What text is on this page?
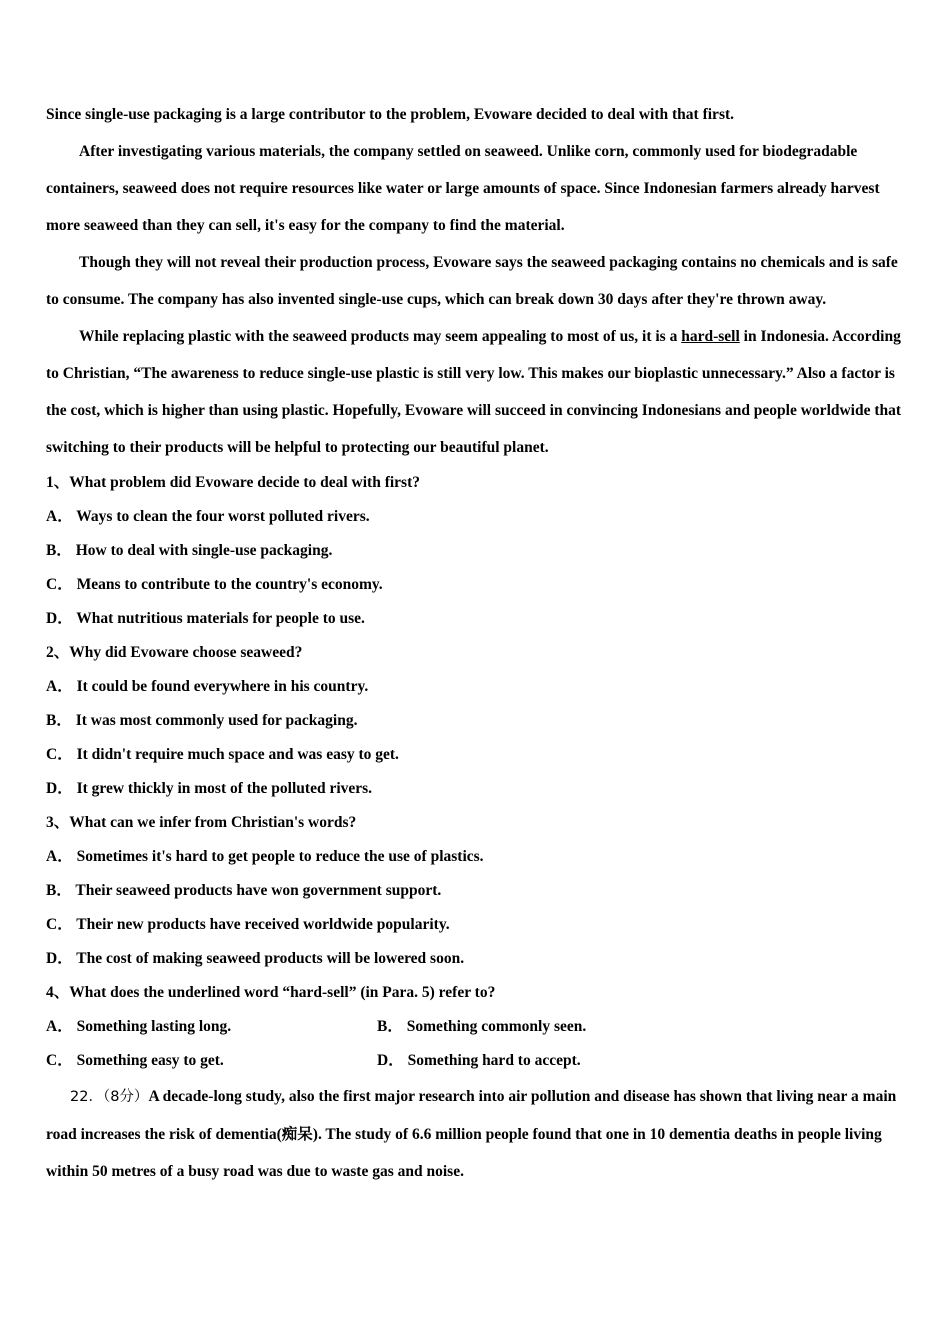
Since single-use packaging is a large contributor to the problem, Evoware decided to deal with that first.

After investigating various materials, the company settled on seaweed. Unlike corn, commonly used for biodegradable containers, seaweed does not require resources like water or large amounts of space. Since Indonesian farmers already harvest more seaweed than they can sell, it's easy for the company to find the material.

Though they will not reveal their production process, Evoware says the seaweed packaging contains no chemicals and is safe to consume. The company has also invented single-use cups, which can break down 30 days after they're thrown away.

While replacing plastic with the seaweed products may seem appealing to most of us, it is a hard-sell in Indonesia. According to Christian, “The awareness to reduce single-use plastic is still very low. This makes our bioplastic unnecessary.” Also a factor is the cost, which is higher than using plastic. Hopefully, Evoware will succeed in convincing Indonesians and people worldwide that switching to their products will be helpful to protecting our beautiful planet.

1、What problem did Evoware decide to deal with first?

A． Ways to clean the four worst polluted rivers.

B． How to deal with single-use packaging.

C． Means to contribute to the country's economy.

D． What nutritious materials for people to use.

2、Why did Evoware choose seaweed?

A． It could be found everywhere in his country.

B． It was most commonly used for packaging.

C． It didn't require much space and was easy to get.

D． It grew thickly in most of the polluted rivers.

3、What can we infer from Christian's words?

A． Sometimes it's hard to get people to reduce the use of plastics.

B． Their seaweed products have won government support.

C． Their new products have received worldwide popularity.

D． The cost of making seaweed products will be lowered soon.

4、What does the underlined word “hard-sell” (in Para. 5) refer to?

A． Something lasting long.	B． Something commonly seen.
C． Something easy to get.	D． Something hard to accept.

22．（8分）A decade-long study, also the first major research into air pollution and disease has shown that living near a main road increases the risk of dementia(痴呆). The study of 6.6 million people found that one in 10 dementia deaths in people living within 50 metres of a busy road was due to waste gas and noise.
